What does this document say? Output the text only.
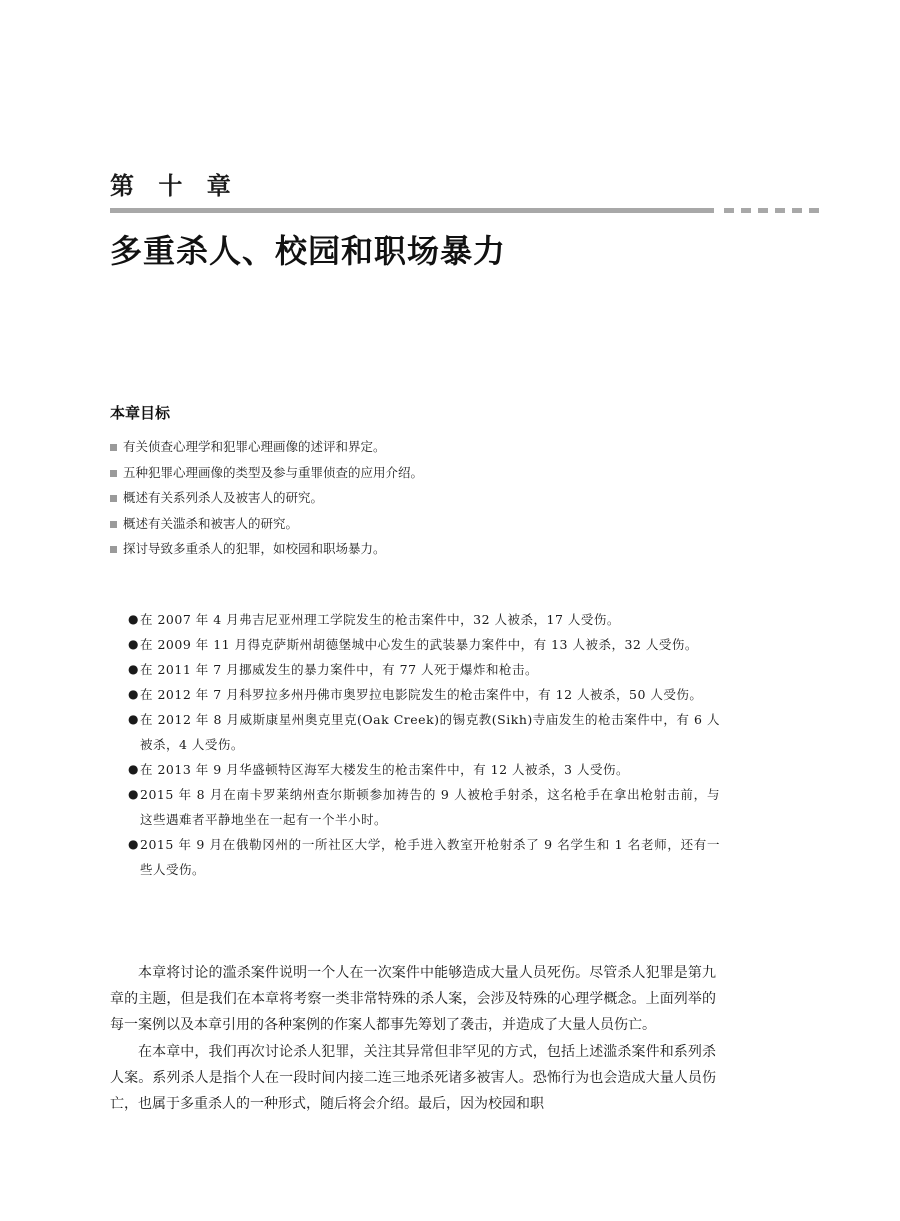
第 十 章
多重杀人、校园和职场暴力
本章目标
有关侦查心理学和犯罪心理画像的述评和界定。
五种犯罪心理画像的类型及参与重罪侦查的应用介绍。
概述有关系列杀人及被害人的研究。
概述有关滥杀和被害人的研究。
探讨导致多重杀人的犯罪，如校园和职场暴力。
● 在 2007 年 4 月弗吉尼亚州理工学院发生的枪击案件中，32 人被杀，17 人受伤。
● 在 2009 年 11 月得克萨斯州胡德堡城中心发生的武装暴力案件中，有 13 人被杀，32 人受伤。
● 在 2011 年 7 月挪威发生的暴力案件中，有 77 人死于爆炸和枪击。
● 在 2012 年 7 月科罗拉多州丹佛市奥罗拉电影院发生的枪击案件中，有 12 人被杀，50 人受伤。
● 在 2012 年 8 月威斯康星州奥克里克(Oak Creek)的锡克教(Sikh)寺庙发生的枪击案件中，有 6 人被杀，4 人受伤。
● 在 2013 年 9 月华盛顿特区海军大楼发生的枪击案件中，有 12 人被杀，3 人受伤。
● 2015 年 8 月在南卡罗莱纳州查尔斯顿参加祷告的 9 人被枪手射杀，这名枪手在拿出枪射击前，与这些遇难者平静地坐在一起有一个半小时。
● 2015 年 9 月在俄勒冈州的一所社区大学，枪手进入教室开枪射杀了 9 名学生和 1 名老师，还有一些人受伤。

本章将讨论的滥杀案件说明一个人在一次案件中能够造成大量人员死伤。尽管杀人犯罪是第九章的主题，但是我们在本章将考察一类非常特殊的杀人案，会涉及特殊的心理学概念。上面列举的每一案例以及本章引用的各种案例的作案人都事先筹划了袭击，并造成了大量人员伤亡。

在本章中，我们再次讨论杀人犯罪，关注其异常但非罕见的方式，包括上述滥杀案件和系列杀人案。系列杀人是指个人在一段时间内接二连三地杀死诸多被害人。恐怖行为也会造成大量人员伤亡，也属于多重杀人的一种形式，随后将会介绍。最后，因为校园和职
